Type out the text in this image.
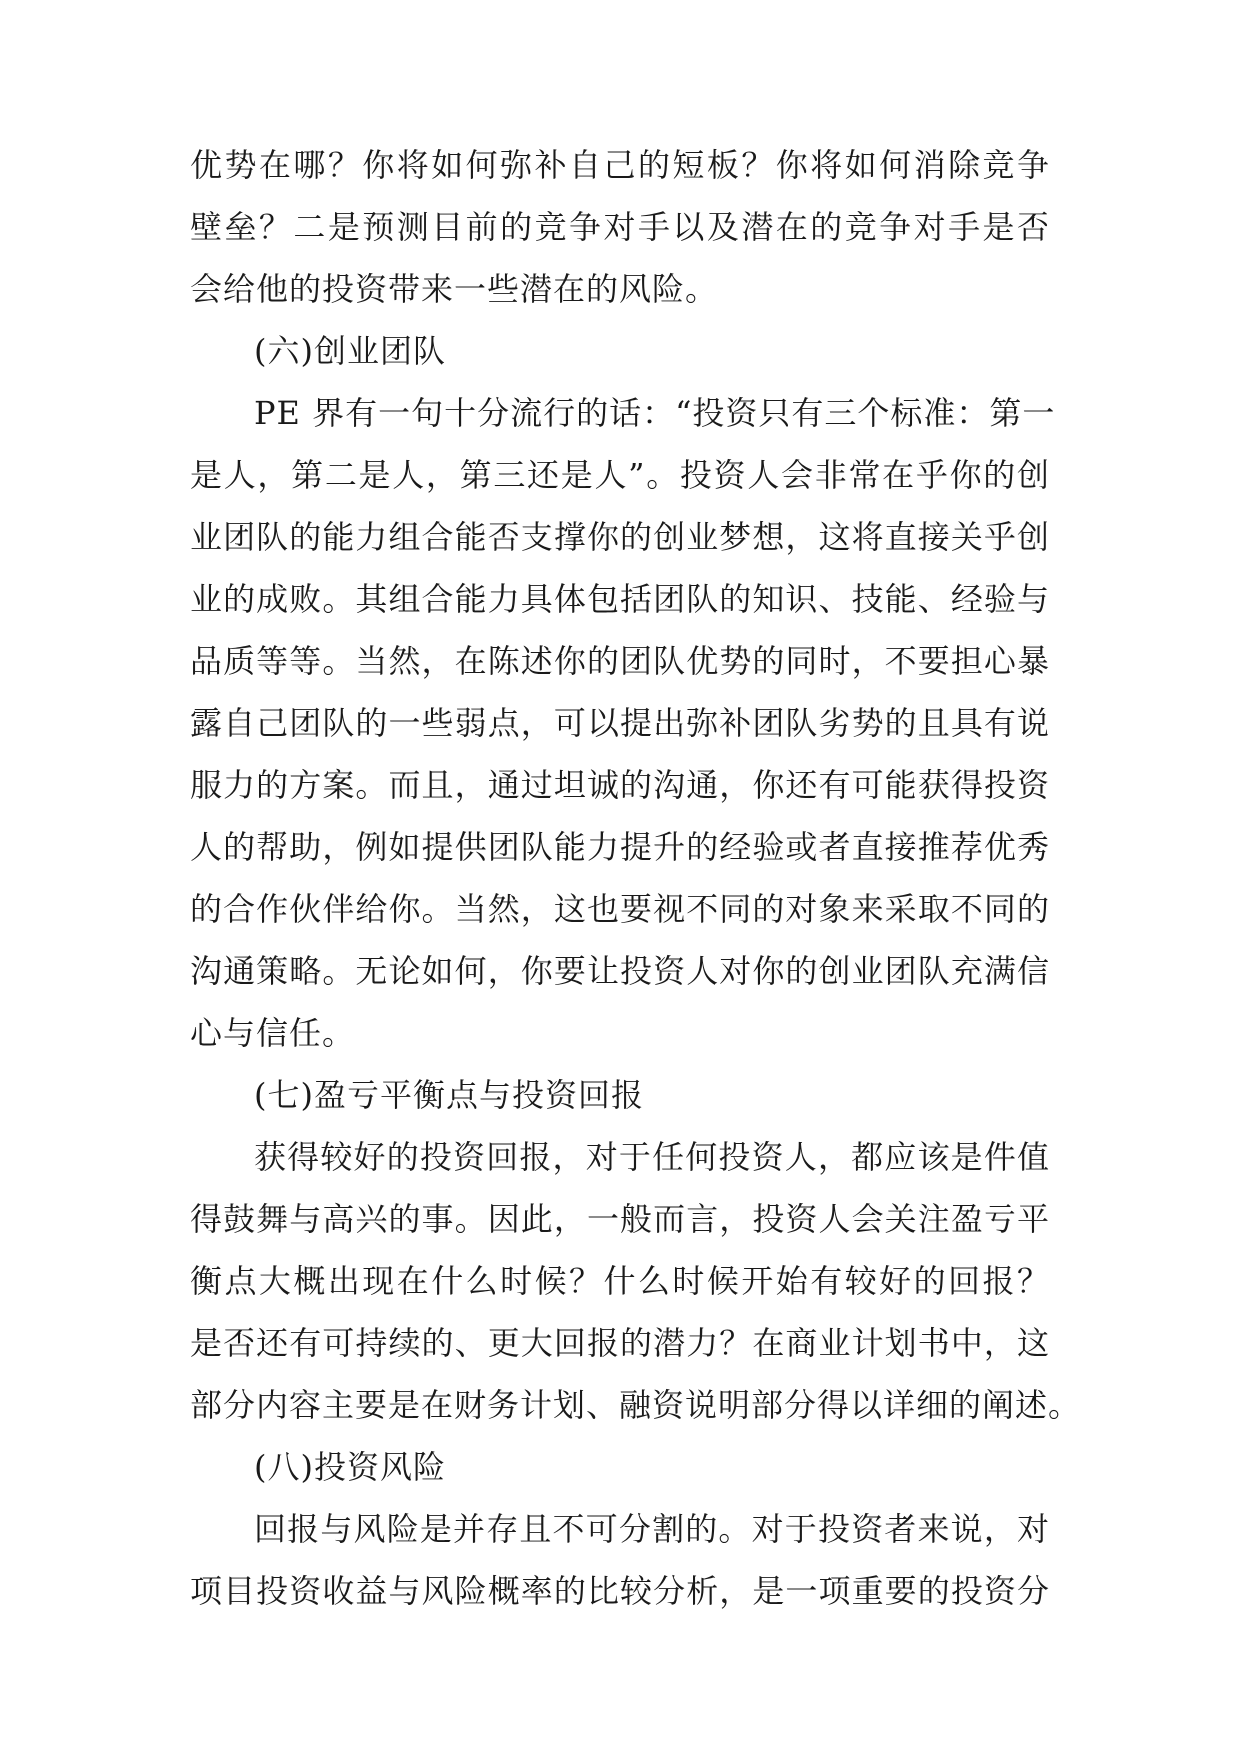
优势在哪？你将如何弥补自己的短板？你将如何消除竞争
壁垒？二是预测目前的竞争对手以及潜在的竞争对手是否
会给他的投资带来一些潜在的风险。
(六)创业团队
PE 界有一句十分流行的话：“投资只有三个标准：第一
是人，第二是人，第三还是人”。投资人会非常在乎你的创
业团队的能力组合能否支撑你的创业梦想，这将直接关乎创
业的成败。其组合能力具体包括团队的知识、技能、经验与
品质等等。当然，在陈述你的团队优势的同时，不要担心暴
露自己团队的一些弱点，可以提出弥补团队劣势的且具有说
服力的方案。而且，通过坦诚的沟通，你还有可能获得投资
人的帮助，例如提供团队能力提升的经验或者直接推荐优秀
的合作伙伴给你。当然，这也要视不同的对象来采取不同的
沟通策略。无论如何，你要让投资人对你的创业团队充满信
心与信任。
(七)盈亏平衡点与投资回报
获得较好的投资回报，对于任何投资人，都应该是件值
得鼓舞与高兴的事。因此，一般而言，投资人会关注盈亏平
衡点大概出现在什么时候？什么时候开始有较好的回报？
是否还有可持续的、更大回报的潜力？在商业计划书中，这
部分内容主要是在财务计划、融资说明部分得以详细的阐述。
(八)投资风险
回报与风险是并存且不可分割的。对于投资者来说，对
项目投资收益与风险概率的比较分析，是一项重要的投资分
